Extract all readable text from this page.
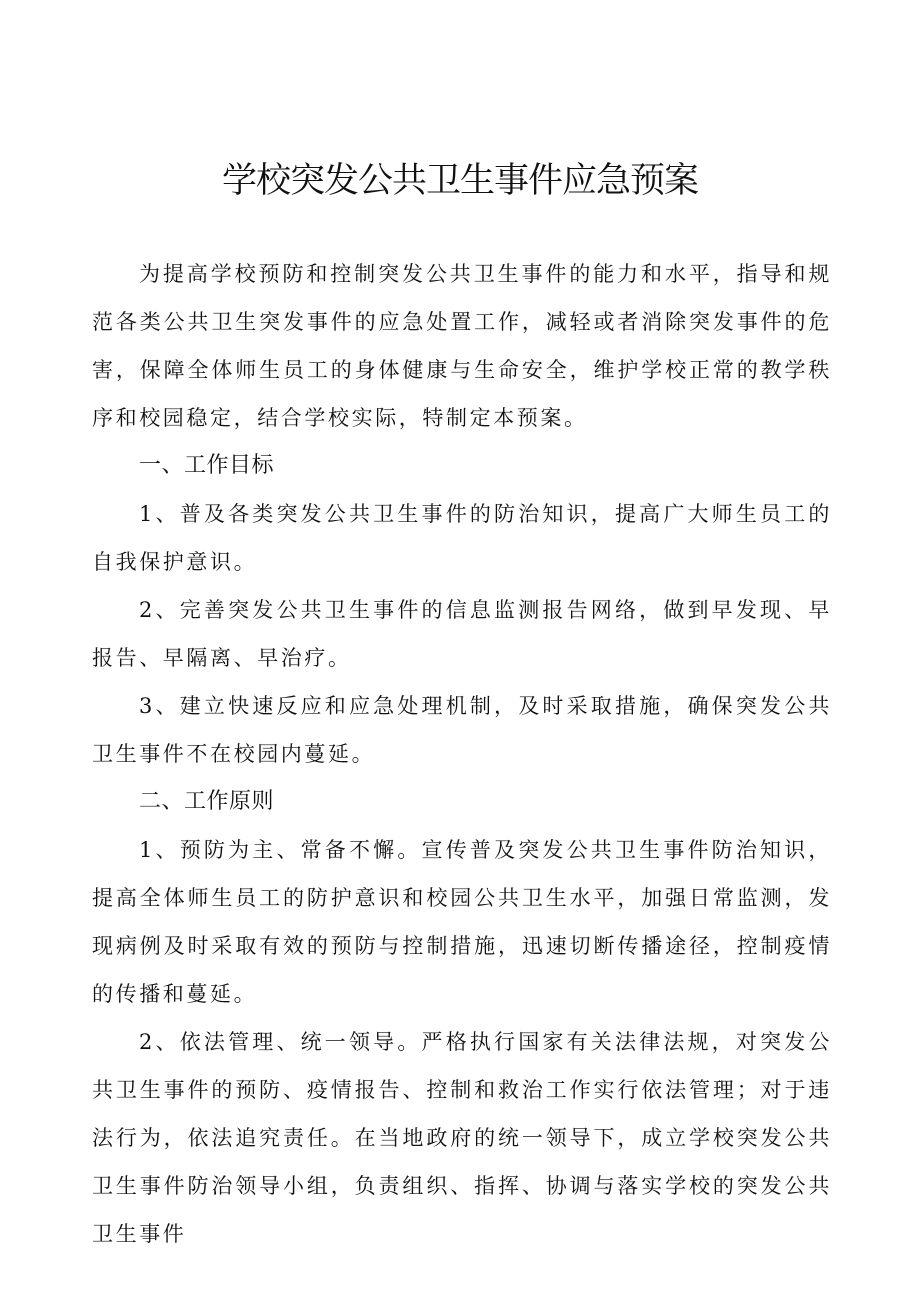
学校突发公共卫生事件应急预案

为提高学校预防和控制突发公共卫生事件的能力和水平，指导和规范各类公共卫生突发事件的应急处置工作，减轻或者消除突发事件的危害，保障全体师生员工的身体健康与生命安全，维护学校正常的教学秩序和校园稳定，结合学校实际，特制定本预案。

一、工作目标

1、普及各类突发公共卫生事件的防治知识，提高广大师生员工的自我保护意识。

2、完善突发公共卫生事件的信息监测报告网络，做到早发现、早报告、早隔离、早治疗。

3、建立快速反应和应急处理机制，及时采取措施，确保突发公共卫生事件不在校园内蔓延。

二、工作原则

1、预防为主、常备不懈。宣传普及突发公共卫生事件防治知识，提高全体师生员工的防护意识和校园公共卫生水平，加强日常监测，发现病例及时采取有效的预防与控制措施，迅速切断传播途径，控制疫情的传播和蔓延。

2、依法管理、统一领导。严格执行国家有关法律法规，对突发公共卫生事件的预防、疫情报告、控制和救治工作实行依法管理；对于违法行为，依法追究责任。在当地政府的统一领导下，成立学校突发公共卫生事件防治领导小组，负责组织、指挥、协调与落实学校的突发公共卫生事件
